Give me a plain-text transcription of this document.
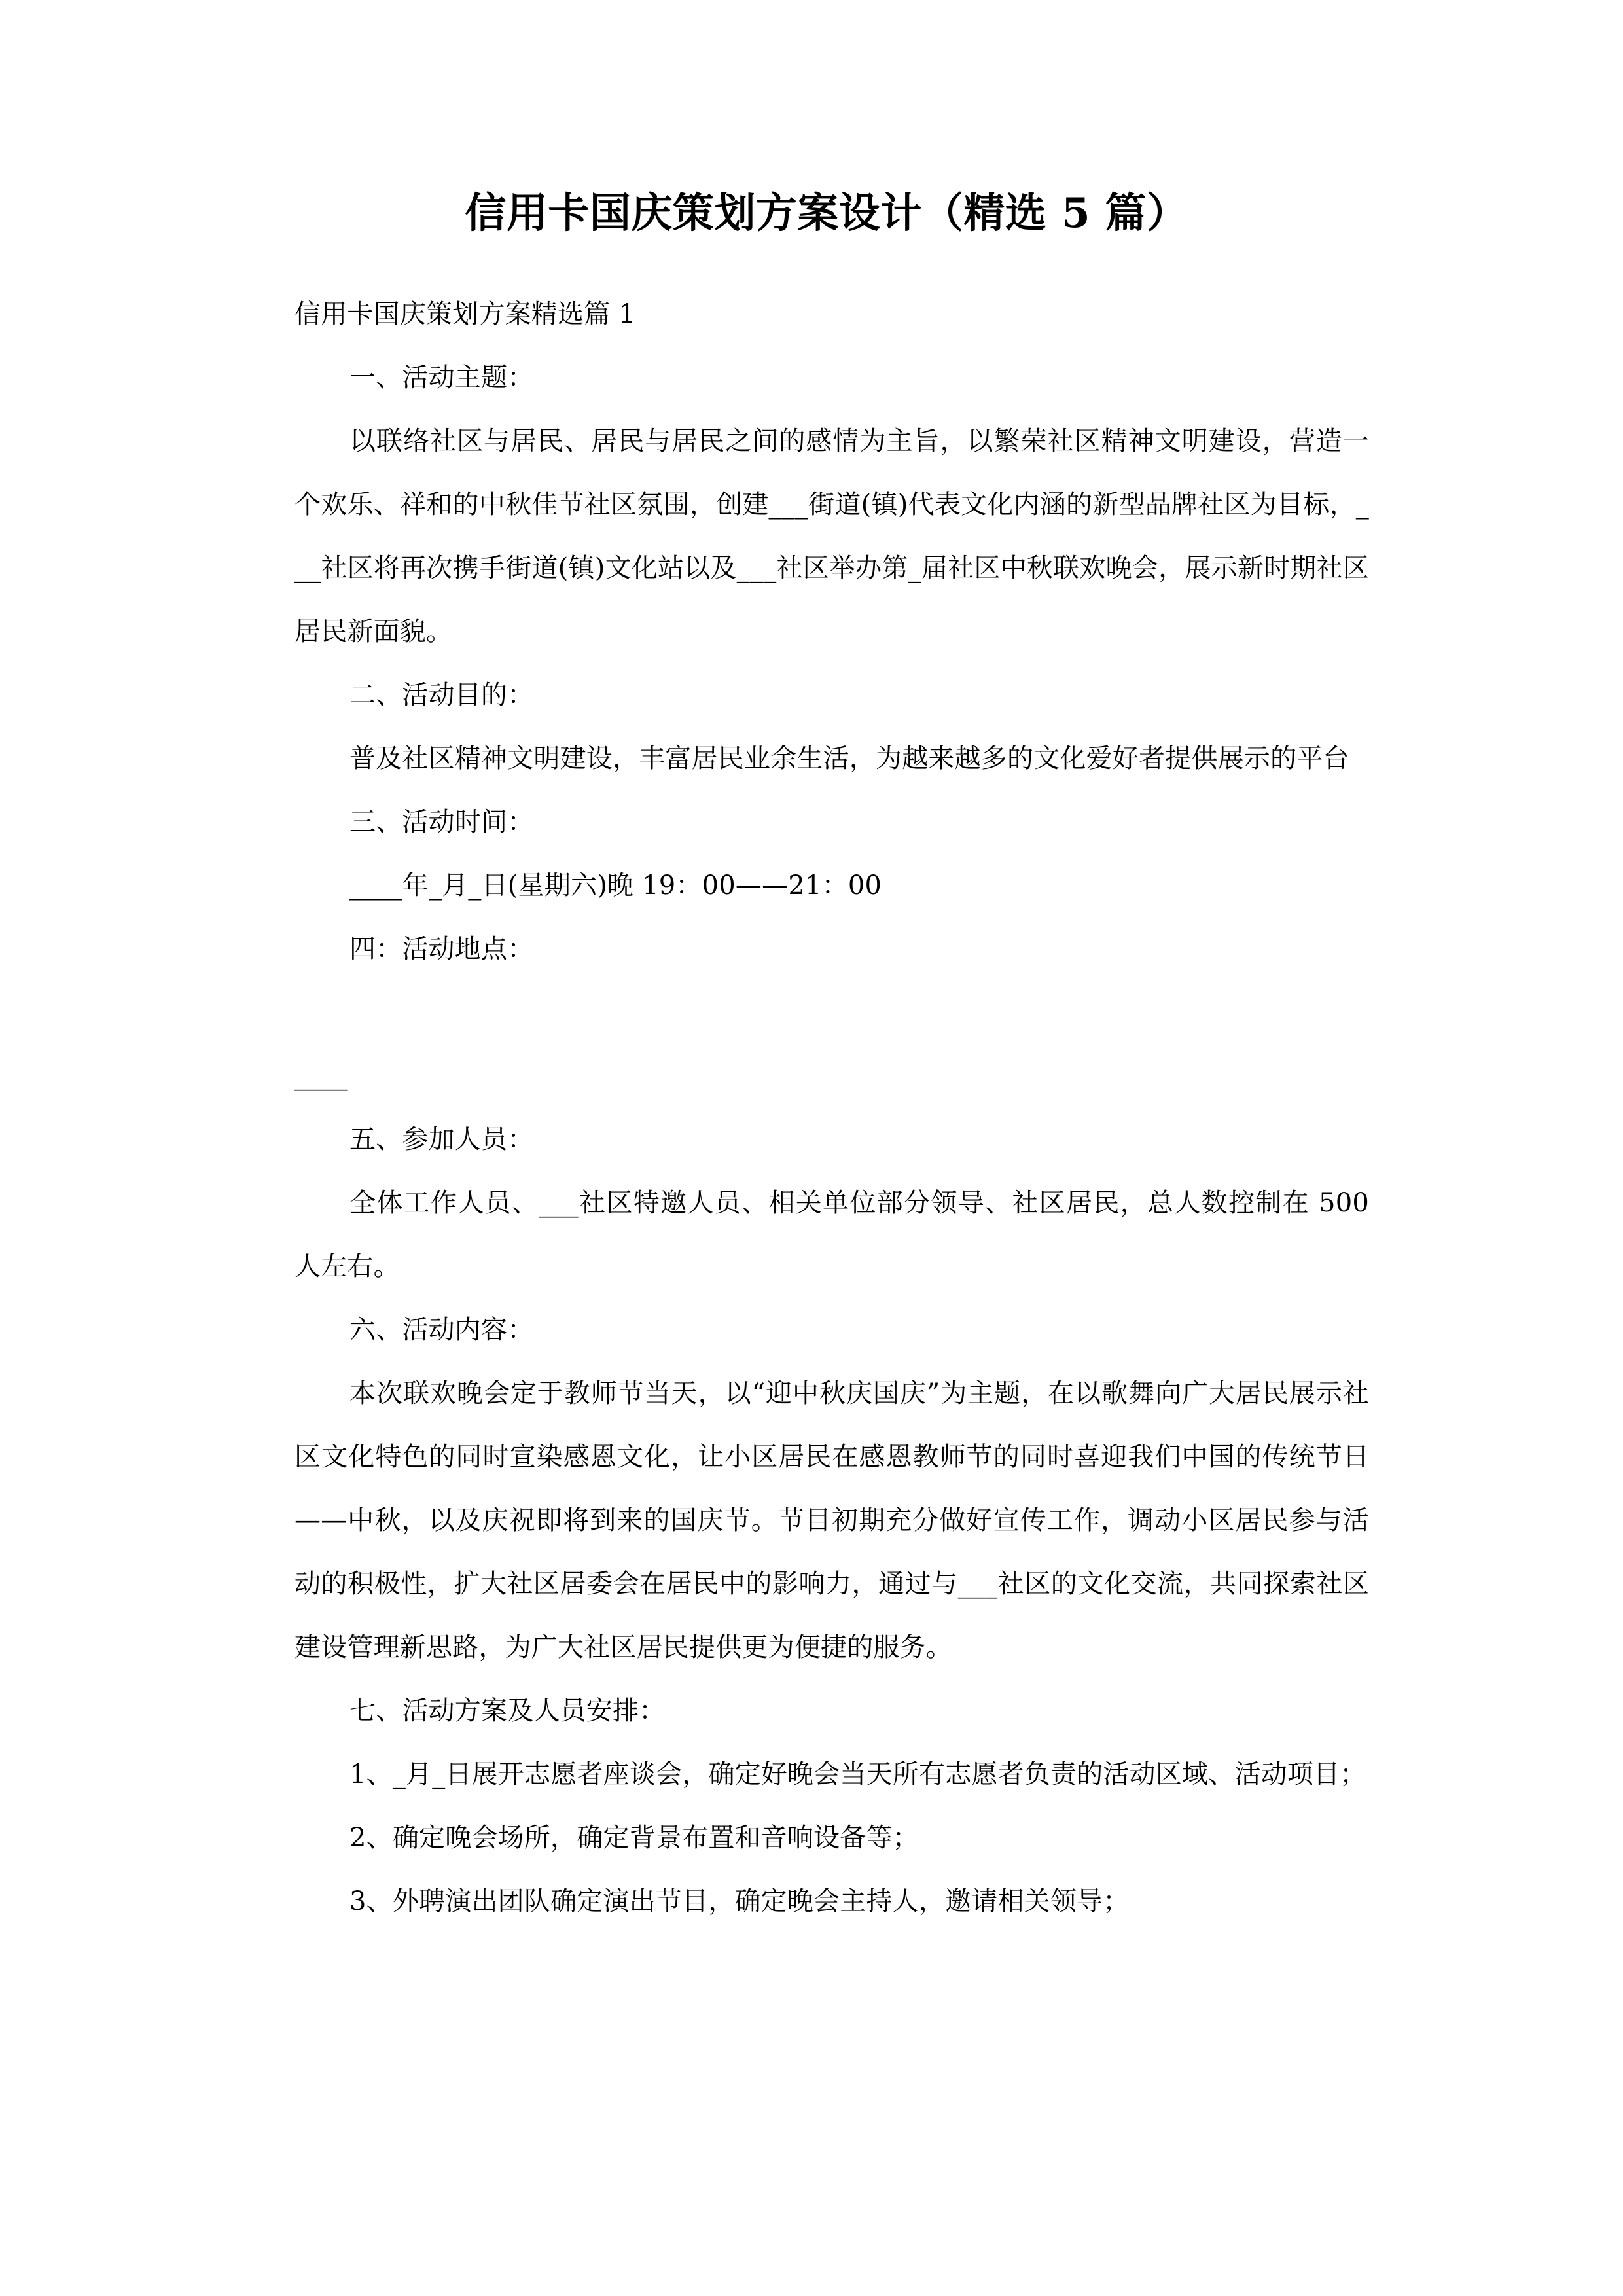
信用卡国庆策划方案设计（精选 5 篇）

信用卡国庆策划方案精选篇 1

一、活动主题：

以联络社区与居民、居民与居民之间的感情为主旨，以繁荣社区精神文明建设，营造一个欢乐、祥和的中秋佳节社区氛围，创建___街道(镇)代表文化内涵的新型品牌社区为目标，___社区将再次携手街道(镇)文化站以及___社区举办第_届社区中秋联欢晚会，展示新时期社区居民新面貌。

二、活动目的：

普及社区精神文明建设，丰富居民业余生活，为越来越多的文化爱好者提供展示的平台

三、活动时间：

____年_月_日(星期六)晚 19：00——21：00

四：活动地点：

____

五、参加人员：

全体工作人员、___社区特邀人员、相关单位部分领导、社区居民，总人数控制在 500 人左右。

六、活动内容：

本次联欢晚会定于教师节当天，以“迎中秋庆国庆”为主题，在以歌舞向广大居民展示社区文化特色的同时宣染感恩文化，让小区居民在感恩教师节的同时喜迎我们中国的传统节日——中秋，以及庆祝即将到来的国庆节。节目初期充分做好宣传工作，调动小区居民参与活动的积极性，扩大社区居委会在居民中的影响力，通过与___社区的文化交流，共同探索社区建设管理新思路，为广大社区居民提供更为便捷的服务。

七、活动方案及人员安排：

1、_月_日展开志愿者座谈会，确定好晚会当天所有志愿者负责的活动区域、活动项目；

2、确定晚会场所，确定背景布置和音响设备等；

3、外聘演出团队确定演出节目，确定晚会主持人，邀请相关领导；
